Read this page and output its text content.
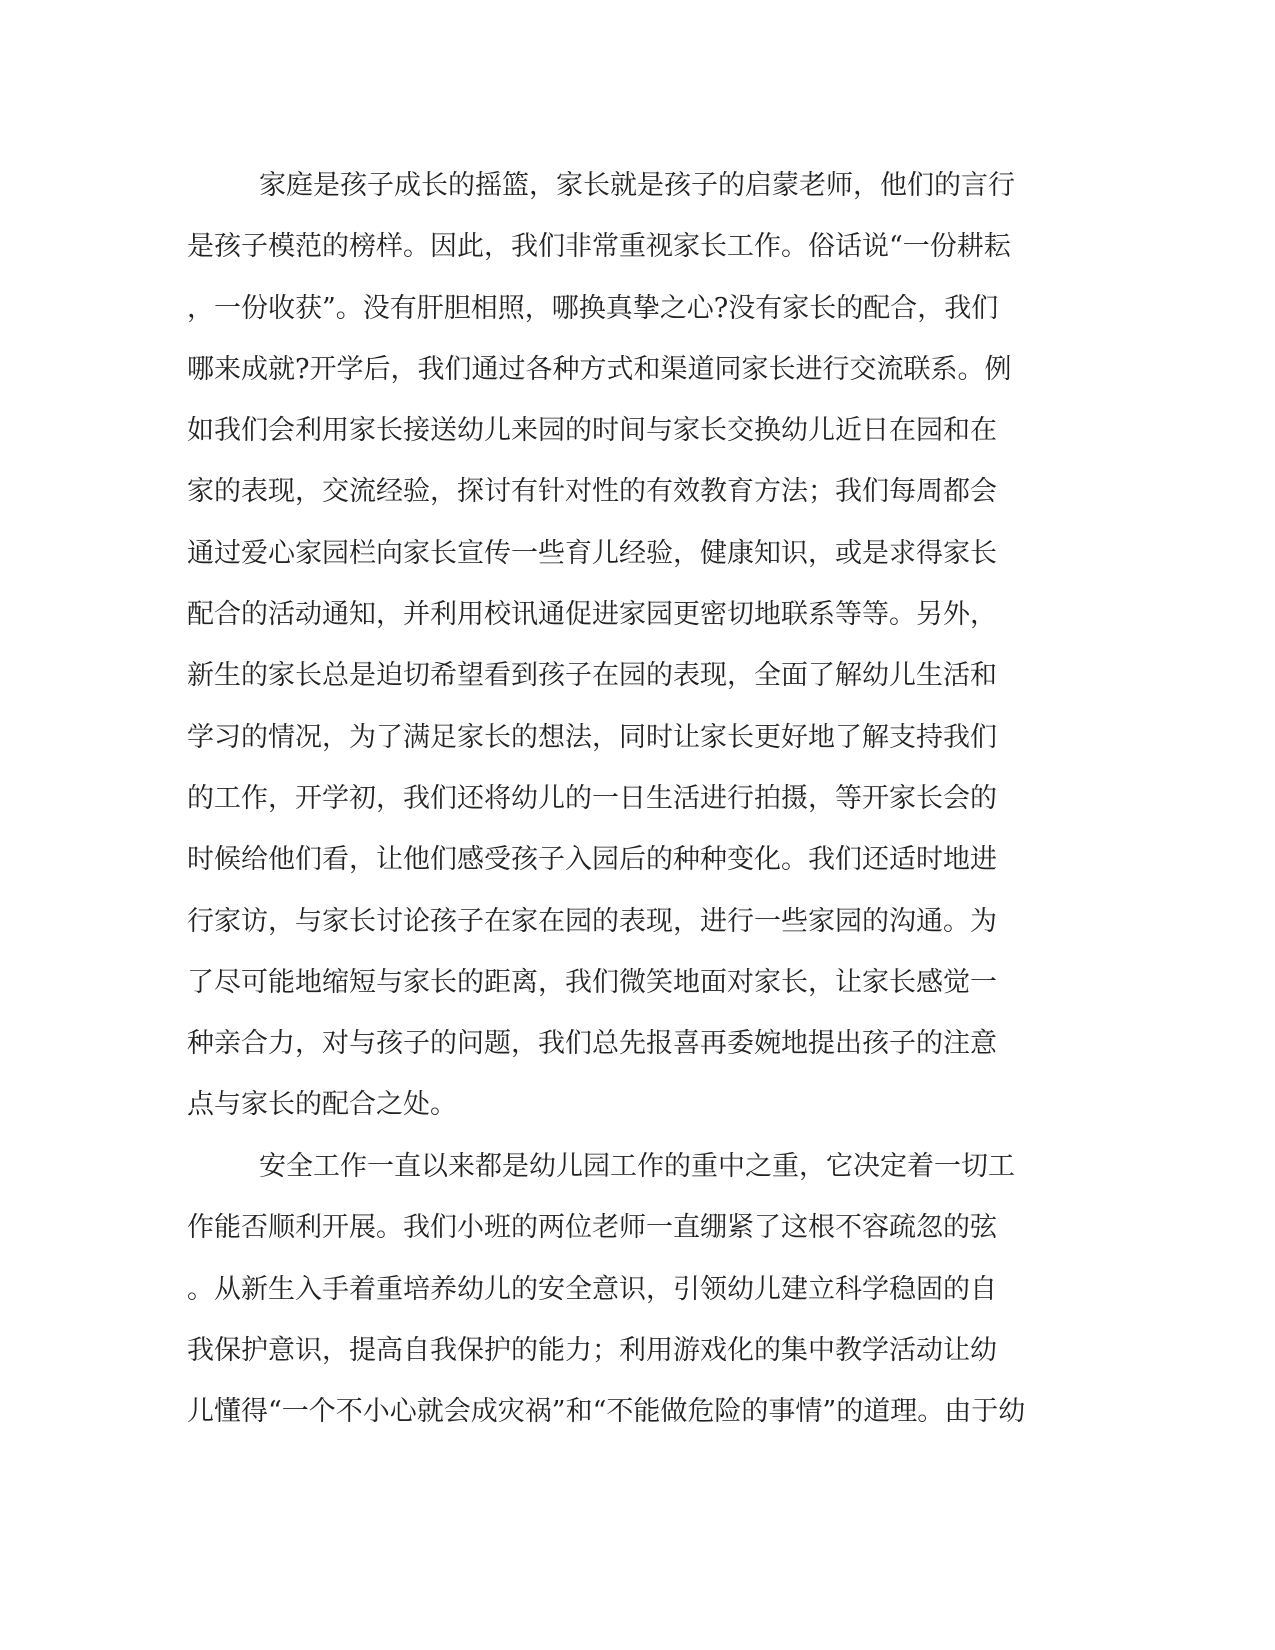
家庭是孩子成长的摇篮，家长就是孩子的启蒙老师，他们的言行
是孩子模范的榜样。因此，我们非常重视家长工作。俗话说“一份耕耘
，一份收获”。没有肝胆相照，哪换真挚之心?没有家长的配合，我们
哪来成就?开学后，我们通过各种方式和渠道同家长进行交流联系。例
如我们会利用家长接送幼儿来园的时间与家长交换幼儿近日在园和在
家的表现，交流经验，探讨有针对性的有效教育方法；我们每周都会
通过爱心家园栏向家长宣传一些育儿经验，健康知识，或是求得家长
配合的活动通知，并利用校讯通促进家园更密切地联系等等。另外，
新生的家长总是迫切希望看到孩子在园的表现，全面了解幼儿生活和
学习的情况，为了满足家长的想法，同时让家长更好地了解支持我们
的工作，开学初，我们还将幼儿的一日生活进行拍摄，等开家长会的
时候给他们看，让他们感受孩子入园后的种种变化。我们还适时地进
行家访，与家长讨论孩子在家在园的表现，进行一些家园的沟通。为
了尽可能地缩短与家长的距离，我们微笑地面对家长，让家长感觉一
种亲合力，对与孩子的问题，我们总先报喜再委婉地提出孩子的注意
点与家长的配合之处。
安全工作一直以来都是幼儿园工作的重中之重，它决定着一切工
作能否顺利开展。我们小班的两位老师一直绷紧了这根不容疏忽的弦
。从新生入手着重培养幼儿的安全意识，引领幼儿建立科学稳固的自
我保护意识，提高自我保护的能力；利用游戏化的集中教学活动让幼
儿懂得“一个不小心就会成灾祸”和“不能做危险的事情”的道理。由于幼
